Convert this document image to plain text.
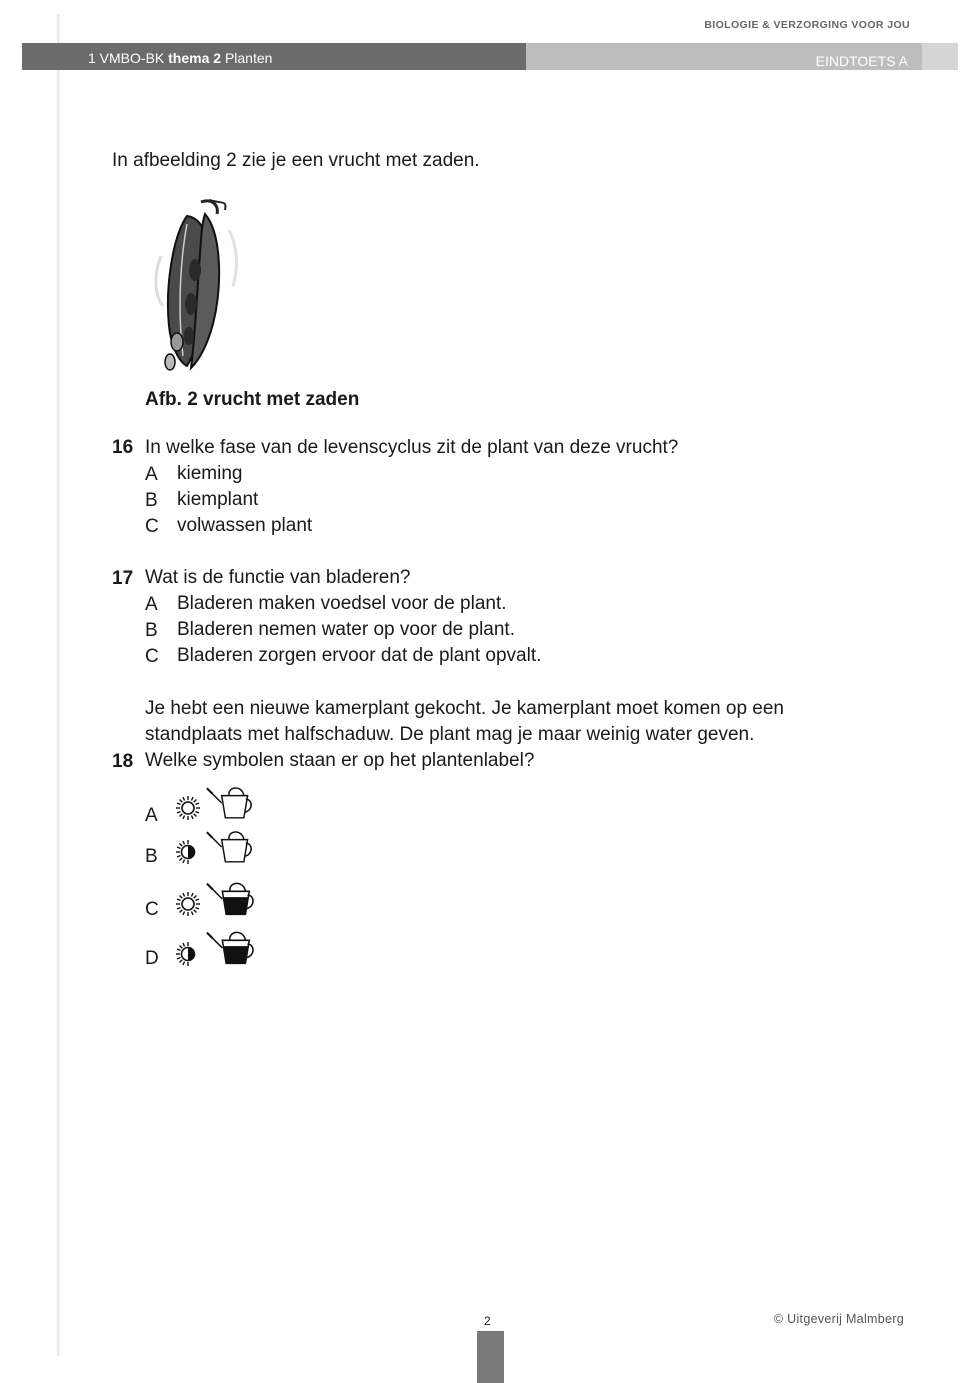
BIOLOGIE & VERZORGING VOOR JOU
1 VMBO-BK thema 2 Planten	EINDTOETS A
In afbeelding 2 zie je een vrucht met zaden.
Afb. 2 vrucht met zaden
16 In welke fase van de levenscyclus zit de plant van deze vrucht?
A kieming
B kiemplant
C volwassen plant
17 Wat is de functie van bladeren?
A Bladeren maken voedsel voor de plant.
B Bladeren nemen water op voor de plant.
C Bladeren zorgen ervoor dat de plant opvalt.
Je hebt een nieuwe kamerplant gekocht. Je kamerplant moet komen op een
standplaats met halfschaduw. De plant mag je maar weinig water geven.
18 Welke symbolen staan er op het plantenlabel?
A
B
C
D
2	© Uitgeverij Malmberg
